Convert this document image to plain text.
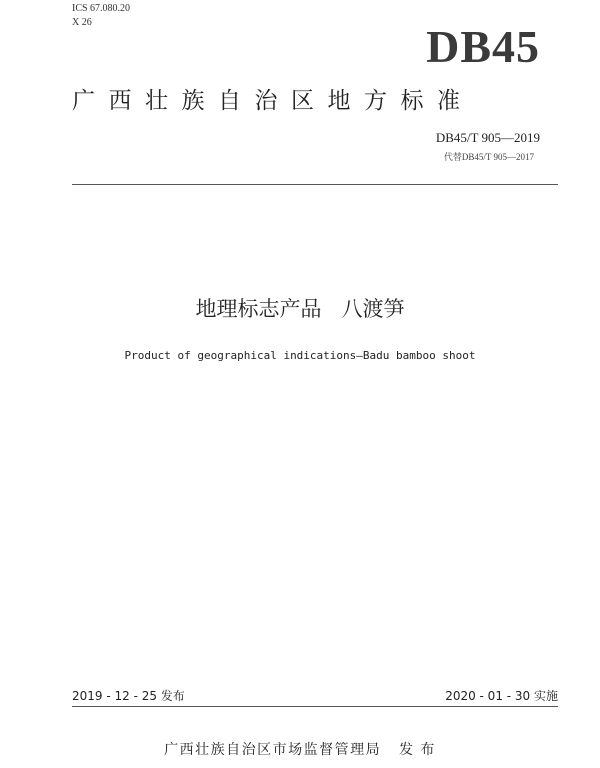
ICS 67.080.20
X 26	DB45
广西壮族自治区地方标准
DB45/T 905—2019
代替DB45/T 905—2017
地理标志产品   八渡笋
Product of geographical indications—Badu bamboo shoot
2019 - 12 - 25 发布	2020 - 01 - 30 实施
广西壮族自治区市场监督管理局   发 布
